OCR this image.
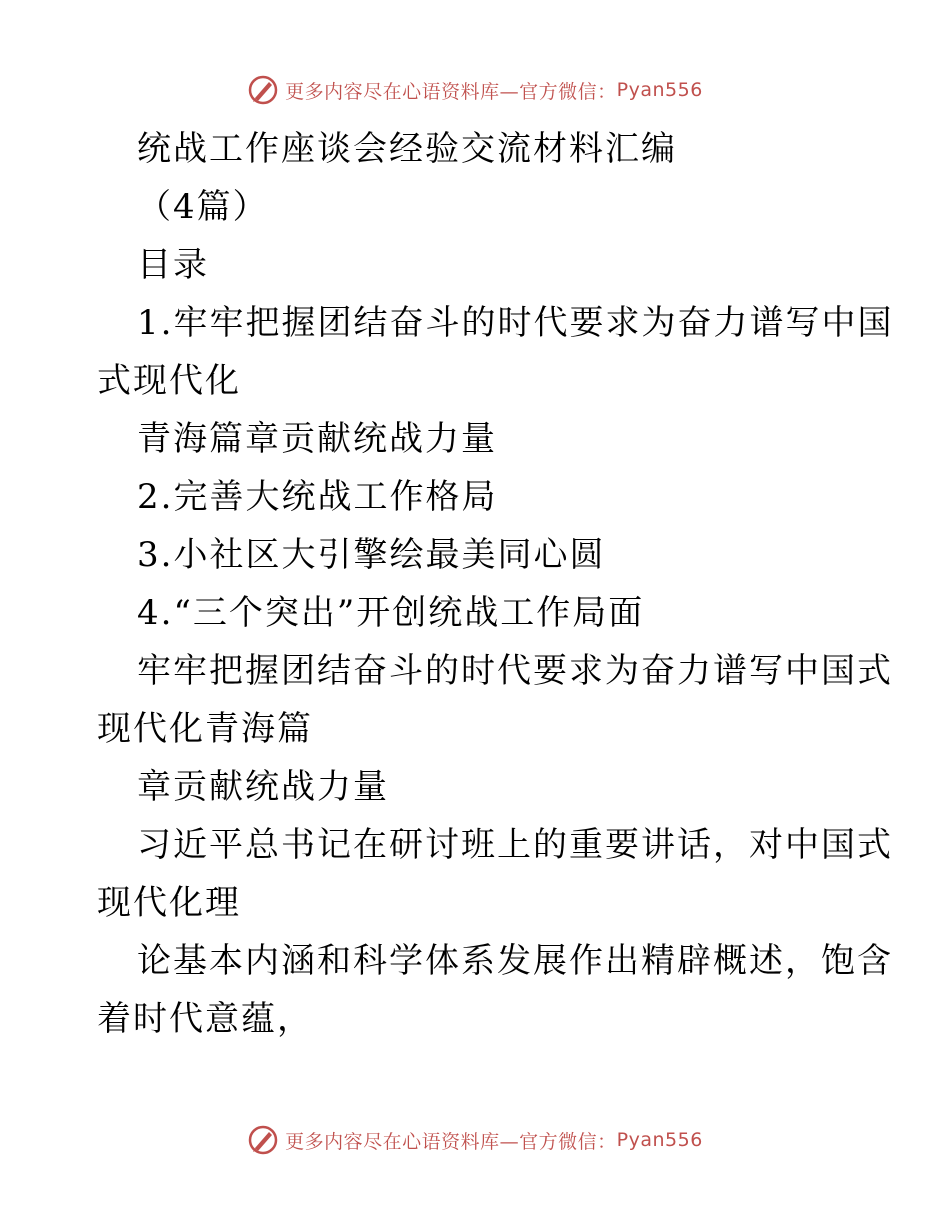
更多内容尽在心语资料库—官方微信： Pyan556
统战工作座谈会经验交流材料汇编
（4篇）
目录
1.牢牢把握团结奋斗的时代要求为奋力谱写中国
式现代化
青海篇章贡献统战力量
2.完善大统战工作格局
3.小社区大引擎绘最美同心圆
4.“三个突出”开创统战工作局面
牢牢把握团结奋斗的时代要求为奋力谱写中国式
现代化青海篇
章贡献统战力量
习近平总书记在研讨班上的重要讲话，对中国式
现代化理
论基本内涵和科学体系发展作出精辟概述，饱含
着时代意蕴，
更多内容尽在心语资料库—官方微信： Pyan556
